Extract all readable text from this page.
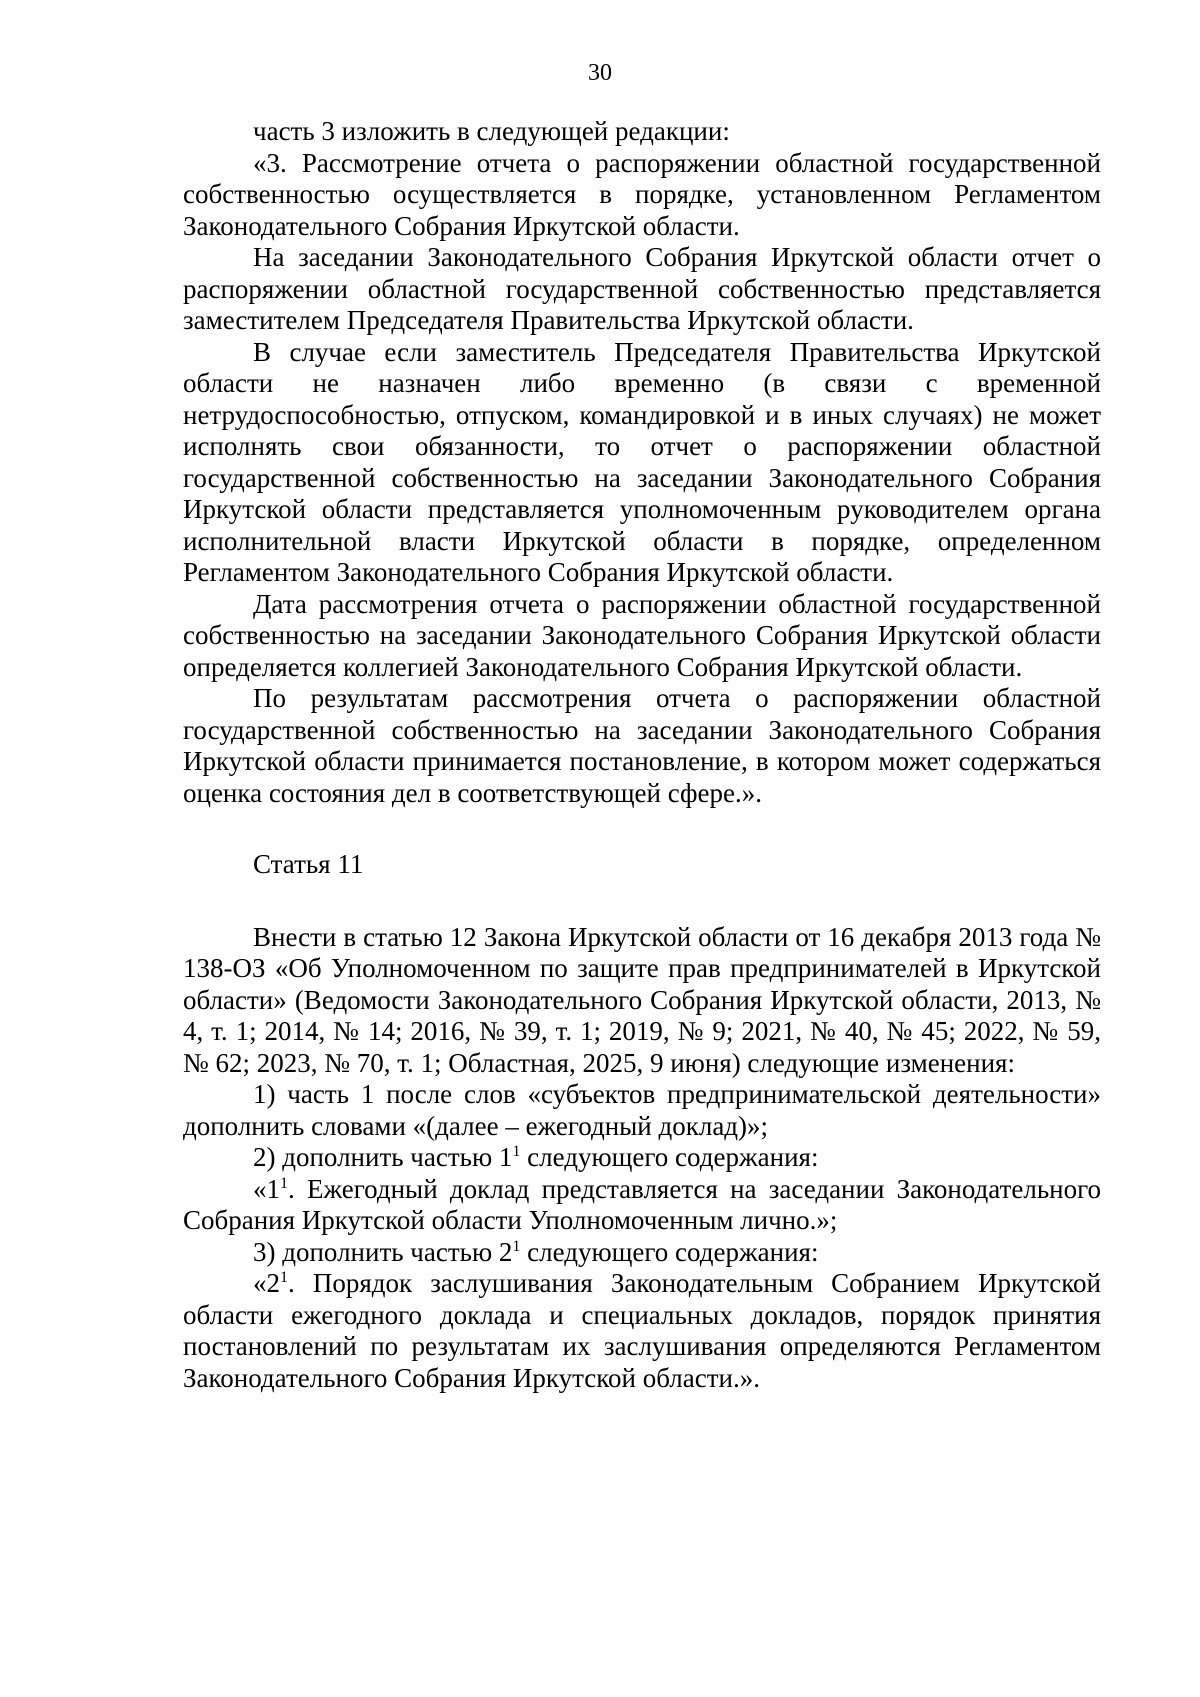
30

часть 3 изложить в следующей редакции:

«3. Рассмотрение отчета о распоряжении областной государственной собственностью осуществляется в порядке, установленном Регламентом Законодательного Собрания Иркутской области.

На заседании Законодательного Собрания Иркутской области отчет о распоряжении областной государственной собственностью представляется заместителем Председателя Правительства Иркутской области.

В случае если заместитель Председателя Правительства Иркутской области не назначен либо временно (в связи с временной нетрудоспособностью, отпуском, командировкой и в иных случаях) не может исполнять свои обязанности, то отчет о распоряжении областной государственной собственностью на заседании Законодательного Собрания Иркутской области представляется уполномоченным руководителем органа исполнительной власти Иркутской области в порядке, определенном Регламентом Законодательного Собрания Иркутской области.

Дата рассмотрения отчета о распоряжении областной государственной собственностью на заседании Законодательного Собрания Иркутской области определяется коллегией Законодательного Собрания Иркутской области.

По результатам рассмотрения отчета о распоряжении областной государственной собственностью на заседании Законодательного Собрания Иркутской области принимается постановление, в котором может содержаться оценка состояния дел в соответствующей сфере.».

Статья 11

Внести в статью 12 Закона Иркутской области от 16 декабря 2013 года № 138-ОЗ «Об Уполномоченном по защите прав предпринимателей в Иркутской области» (Ведомости Законодательного Собрания Иркутской области, 2013, № 4, т. 1; 2014, № 14; 2016, № 39, т. 1; 2019, № 9; 2021, № 40, № 45; 2022, № 59, № 62; 2023, № 70, т. 1; Областная, 2025, 9 июня) следующие изменения:

1) часть 1 после слов «субъектов предпринимательской деятельности» дополнить словами «(далее – ежегодный доклад)»;

2) дополнить частью $1^1$ следующего содержания:

«$1^1$. Ежегодный доклад представляется на заседании Законодательного Собрания Иркутской области Уполномоченным лично.»;

3) дополнить частью $2^1$ следующего содержания:

«$2^1$. Порядок заслушивания Законодательным Собранием Иркутской области ежегодного доклада и специальных докладов, порядок принятия постановлений по результатам их заслушивания определяются Регламентом Законодательного Собрания Иркутской области.».
